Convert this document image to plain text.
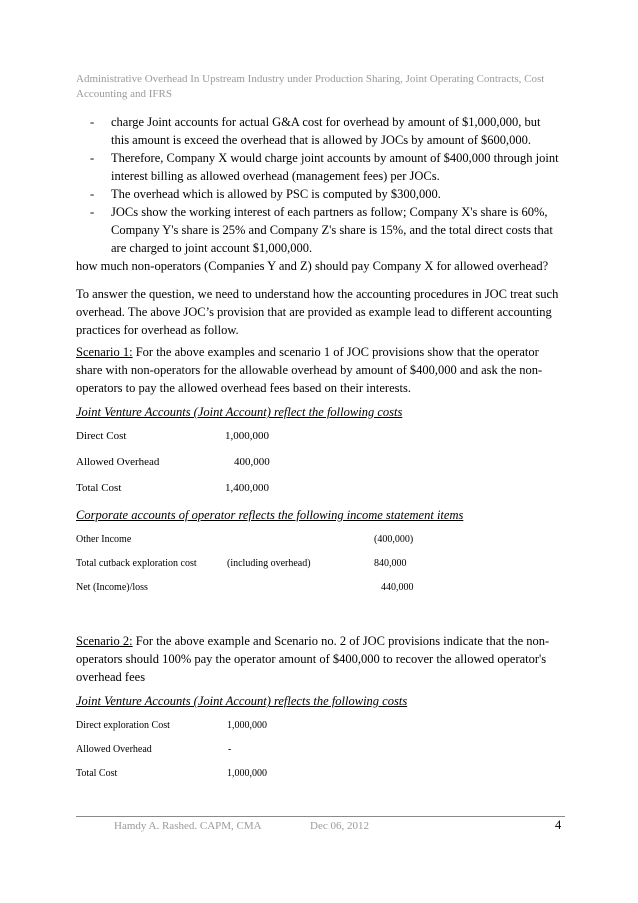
Administrative Overhead In Upstream Industry under Production Sharing, Joint Operating Contracts, Cost
Accounting and IFRS
- charge Joint accounts for actual G&A cost for overhead by amount of $1,000,000, but
this amount is exceed the overhead that is allowed by JOCs by amount of $600,000.
- Therefore, Company X would charge joint accounts by amount of $400,000 through joint
interest billing as allowed overhead (management fees) per JOCs.
- The overhead which is allowed by PSC is computed by $300,000.
- JOCs show the working interest of each partners as follow; Company X's share is 60%,
Company Y's share is 25% and Company Z's share is 15%, and the total direct costs that
are charged to joint account $1,000,000.
how much non-operators (Companies Y and Z) should pay Company X for allowed overhead?
To answer the question, we need to understand how the accounting procedures in JOC treat such
overhead. The above JOC’s provision that are provided as example lead to different accounting
practices for overhead as follow.
Scenario 1: For the above examples and scenario 1 of JOC provisions show that the operator
share with non-operators for the allowable overhead by amount of $400,000 and ask the non-
operators to pay the allowed overhead fees based on their interests.
Joint Venture Accounts (Joint Account) reflect the following costs
Direct Cost	1,000,000
Allowed Overhead	400,000
Total Cost	1,400,000
Corporate accounts of operator reflects the following income statement items
Other Income	(400,000)
Total cutback exploration cost	(including overhead)	840,000
Net (Income)/loss	440,000
Scenario 2: For the above example and Scenario no. 2 of JOC provisions indicate that the non-
operators should 100% pay the operator amount of $400,000 to recover the allowed operator's
overhead fees
Joint Venture Accounts (Joint Account) reflects the following costs
Direct exploration Cost	1,000,000
Allowed Overhead	-
Total Cost	1,000,000
Hamdy A. Rashed. CAPM, CMA	Dec 06, 2012	4
